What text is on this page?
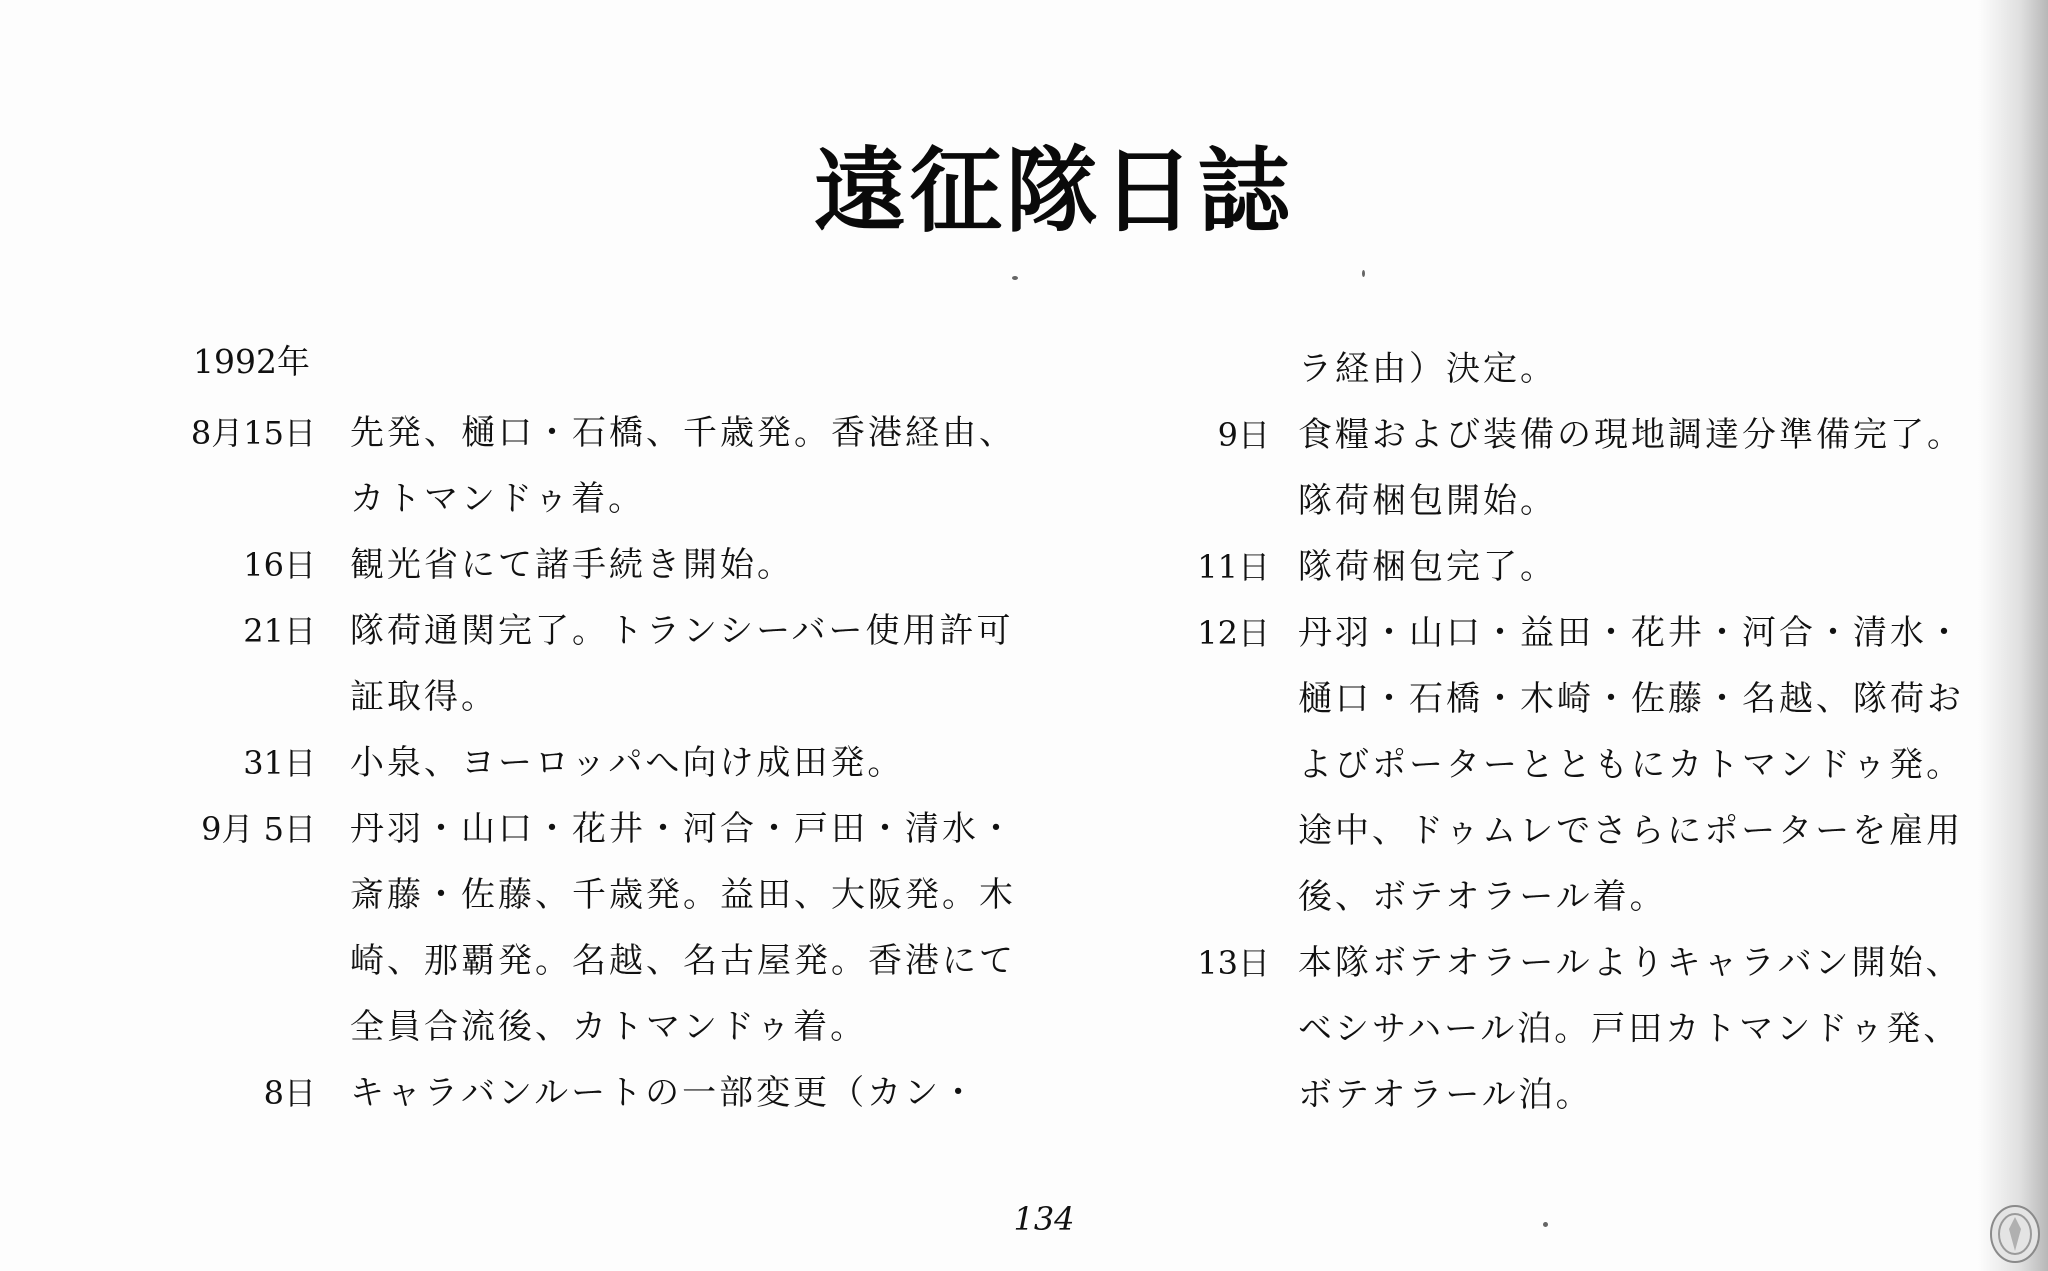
遠征隊日誌
1992年
8月15日	先発、樋口・石橋、千歳発。香港経由、カトマンドゥ着。
16日	観光省にて諸手続き開始。
21日	隊荷通関完了。トランシーバー使用許可証取得。
31日	小泉、ヨーロッパへ向け成田発。
9月 5日	丹羽・山口・花井・河合・戸田・清水・斎藤・佐藤、千歳発。益田、大阪発。木崎、那覇発。名越、名古屋発。香港にて全員合流後、カトマンドゥ着。
8日	キャラバンルートの一部変更（カン・
ラ経由）決定。
9日 食糧および装備の現地調達分準備完了。隊荷梱包開始。
11日 隊荷梱包完了。
12日 丹羽・山口・益田・花井・河合・清水・樋口・石橋・木崎・佐藤・名越、隊荷およびポーターとともにカトマンドゥ発。途中、ドゥムレでさらにポーターを雇用後、ボテオラール着。
13日 本隊ボテオラールよりキャラバン開始、ベシサハール泊。戸田カトマンドゥ発、ボテオラール泊。
134
